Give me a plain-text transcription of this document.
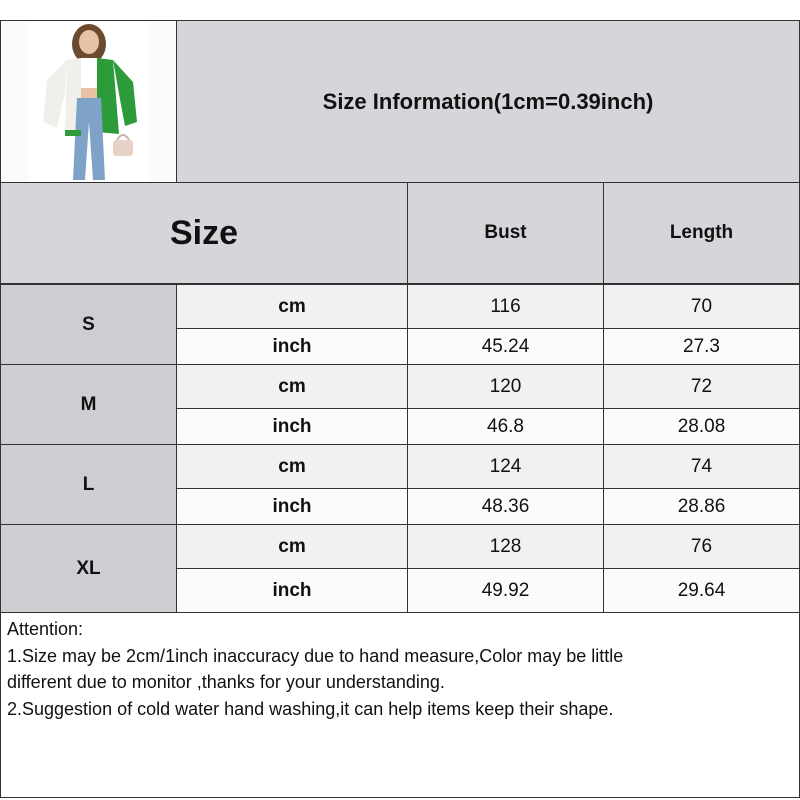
Size Information(1cm=0.39inch)
Size	Bust	Length
S
cm	116	70
inch	45.24	27.3
M
cm	120	72
inch	46.8	28.08
L
cm	124	74
inch	48.36	28.86
XL
cm	128	76
inch	49.92	29.64

Attention:

1.Size may be 2cm/1inch inaccuracy due to hand measure,Color may be little

different due to monitor ,thanks for your understanding.

2.Suggestion of cold water hand washing,it can help items keep their shape.
